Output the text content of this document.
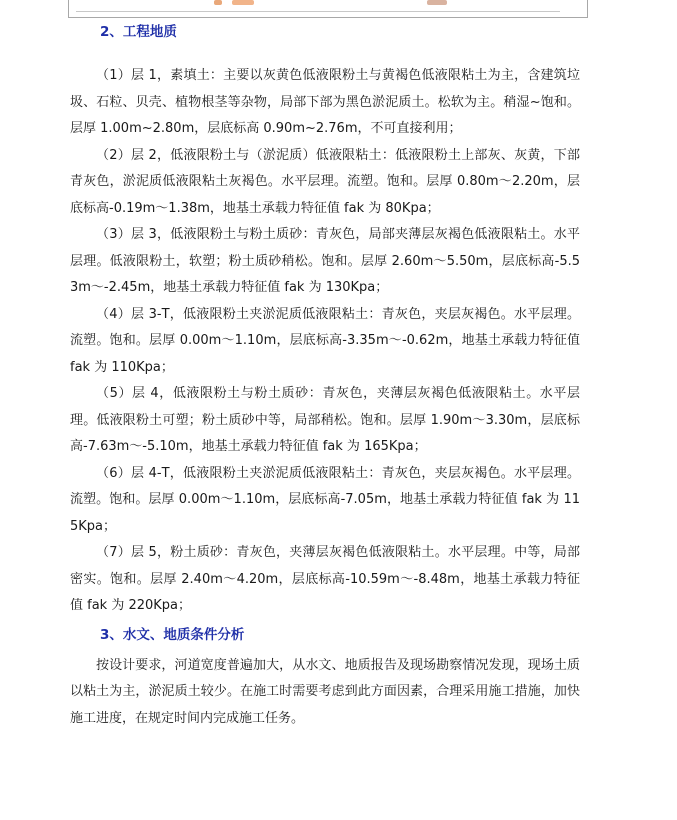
2、工程地质

（1）层 1，素填土：主要以灰黄色低液限粉土与黄褐色低液限粘土为主，含建筑垃圾、石粒、贝壳、植物根茎等杂物，局部下部为黑色淤泥质土。松软为主。稍湿~饱和。层厚 1.00m~2.80m，层底标高 0.90m~2.76m，不可直接利用；

（2）层 2，低液限粉土与（淤泥质）低液限粘土：低液限粉土上部灰、灰黄，下部青灰色，淤泥质低液限粘土灰褐色。水平层理。流塑。饱和。层厚 0.80m～2.20m，层底标高-0.19m～1.38m，地基土承载力特征值 fak 为 80Kpa；

（3）层 3，低液限粉土与粉土质砂：青灰色，局部夹薄层灰褐色低液限粘土。水平层理。低液限粉土，软塑；粉土质砂稍松。饱和。层厚 2.60m～5.50m，层底标高-5.53m～-2.45m，地基土承载力特征值 fak 为 130Kpa；

（4）层 3-T，低液限粉土夹淤泥质低液限粘土：青灰色，夹层灰褐色。水平层理。流塑。饱和。层厚 0.00m～1.10m，层底标高-3.35m～-0.62m，地基土承载力特征值 fak 为 110Kpa；

（5）层 4，低液限粉土与粉土质砂：青灰色，夹薄层灰褐色低液限粘土。水平层理。低液限粉土可塑；粉土质砂中等，局部稍松。饱和。层厚 1.90m～3.30m，层底标高-7.63m～-5.10m，地基土承载力特征值 fak 为 165Kpa；

（6）层 4-T，低液限粉土夹淤泥质低液限粘土：青灰色，夹层灰褐色。水平层理。流塑。饱和。层厚 0.00m～1.10m，层底标高-7.05m，地基土承载力特征值 fak 为 115Kpa；

（7）层 5，粉土质砂：青灰色，夹薄层灰褐色低液限粘土。水平层理。中等，局部密实。饱和。层厚 2.40m～4.20m，层底标高-10.59m～-8.48m，地基土承载力特征值 fak 为 220Kpa；

3、水文、地质条件分析

按设计要求，河道宽度普遍加大，从水文、地质报告及现场勘察情况发现，现场土质以粘土为主，淤泥质土较少。在施工时需要考虑到此方面因素，合理采用施工措施，加快施工进度，在规定时间内完成施工任务。
